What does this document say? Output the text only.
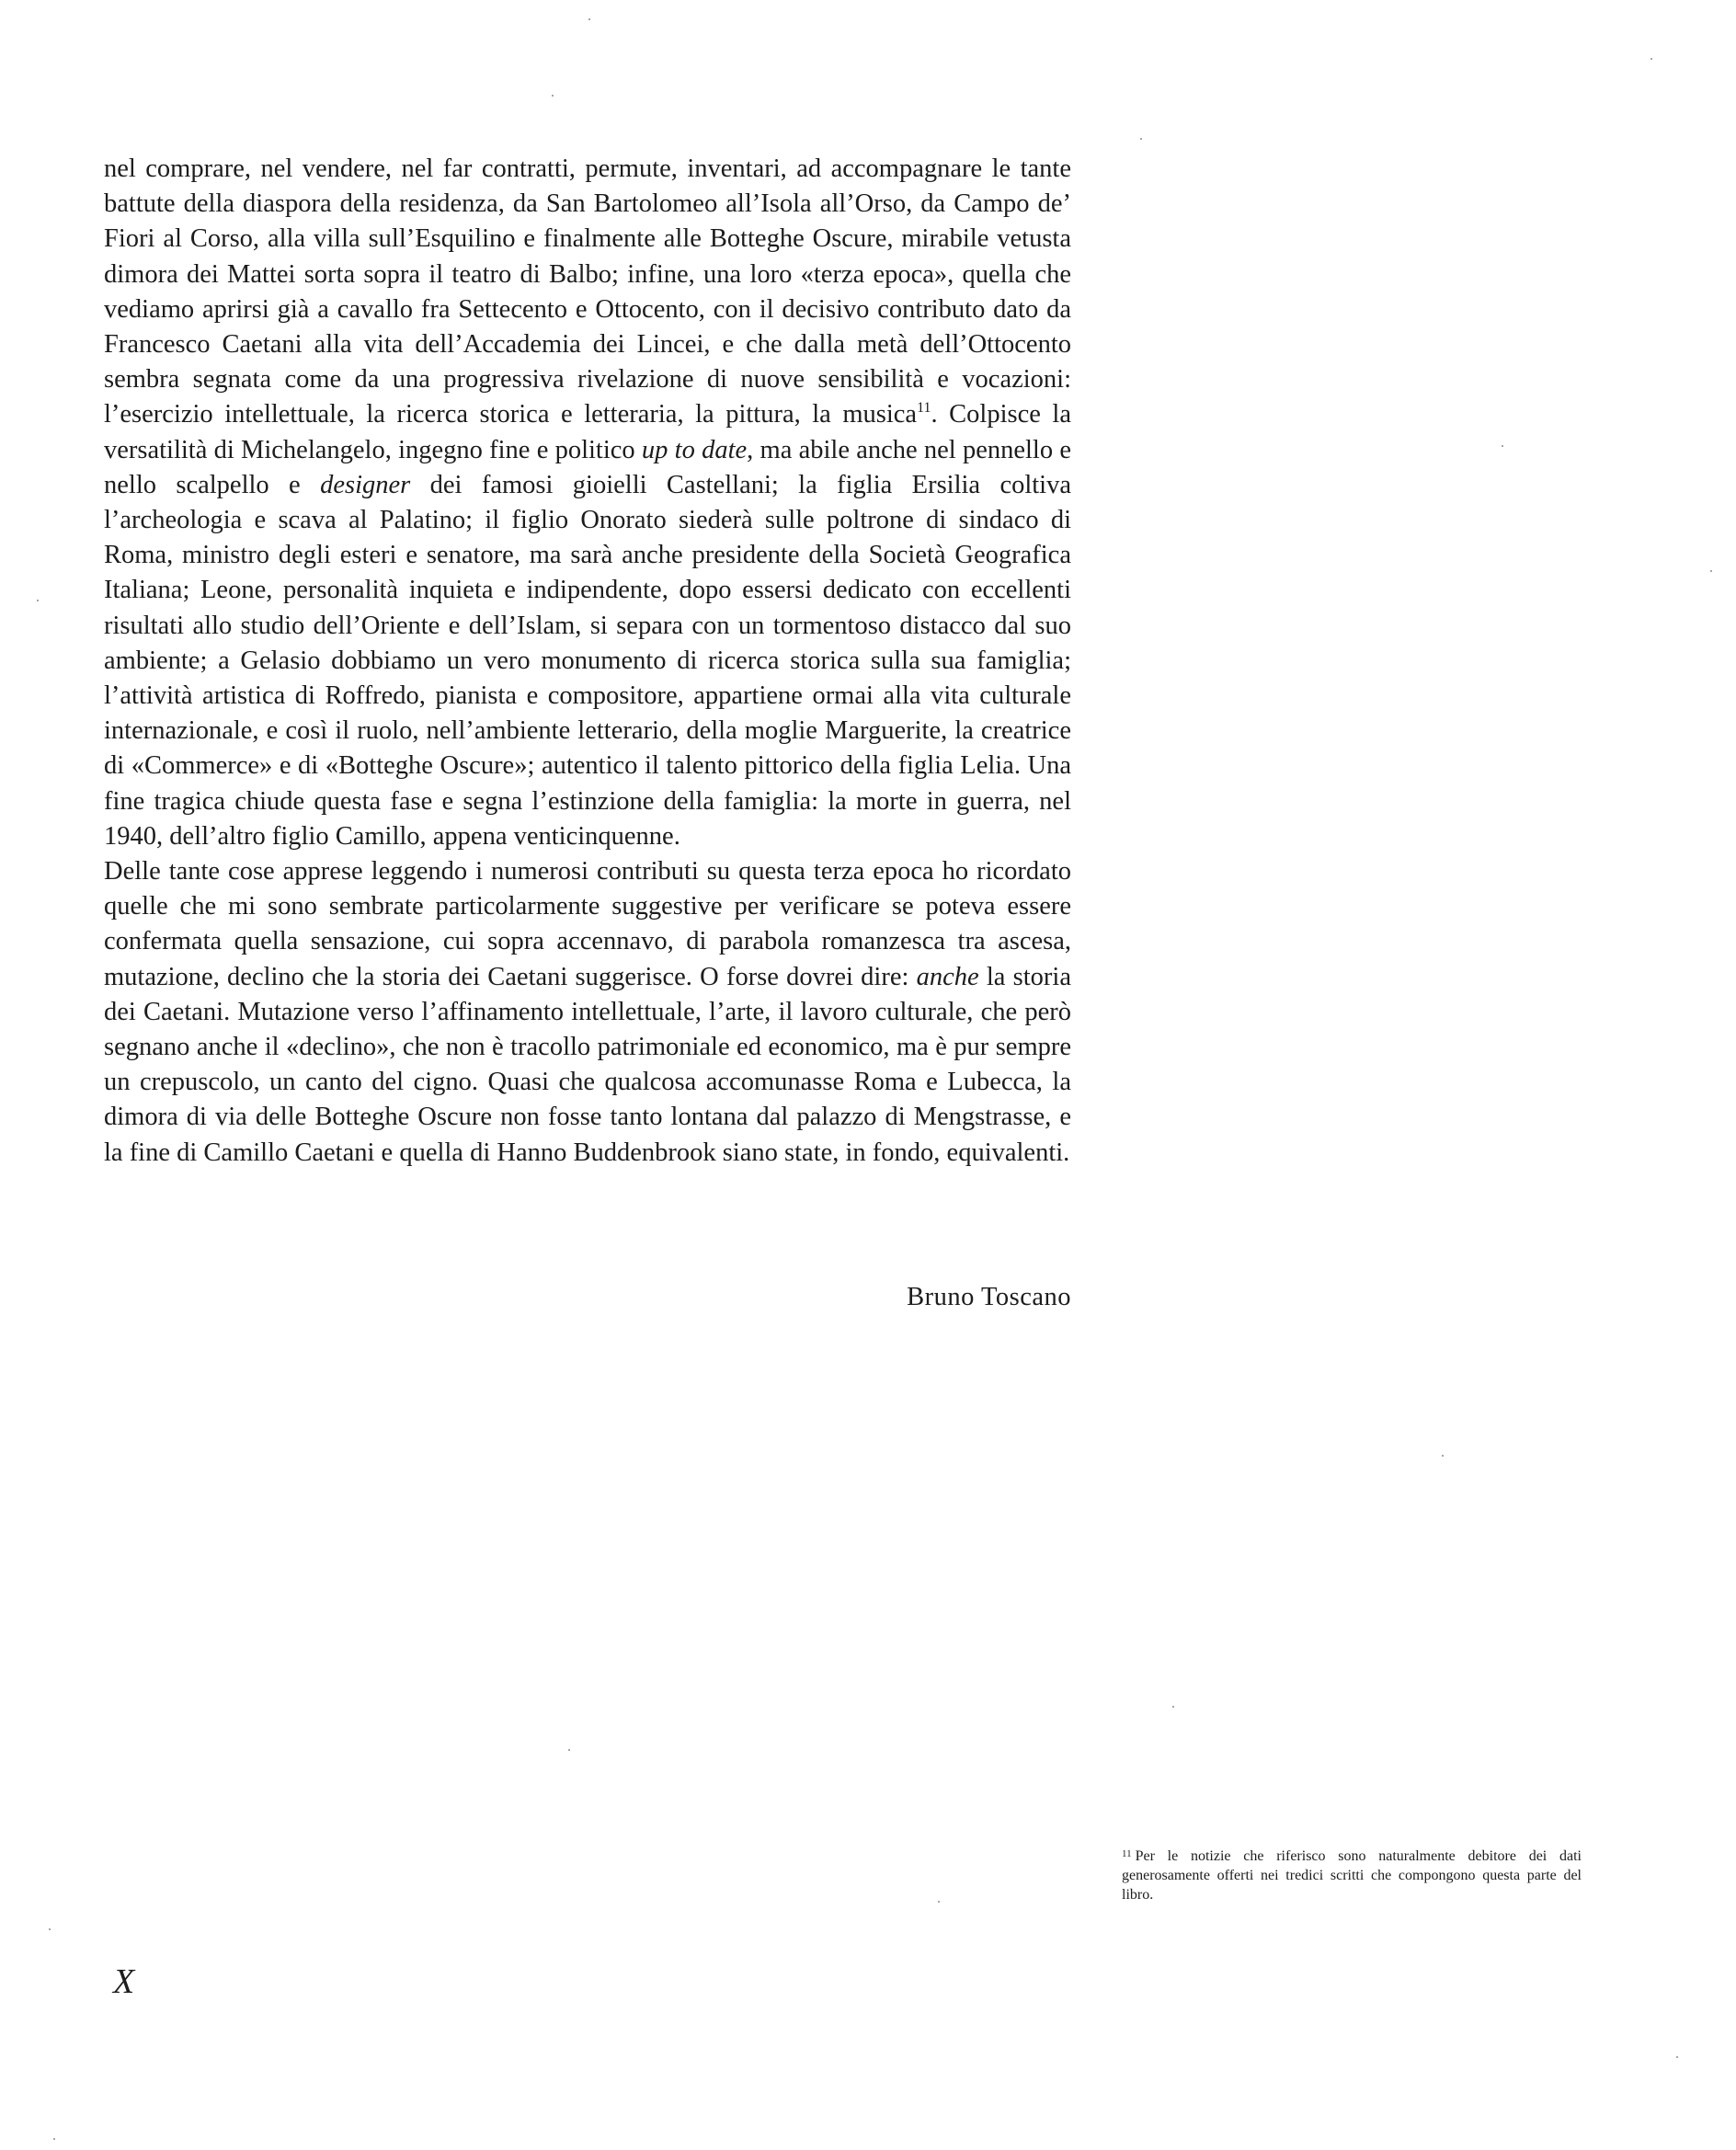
nel comprare, nel vendere, nel far contratti, permute, inventari, ad accompagnare le tante battute della diaspora della residenza, da San Bartolomeo all’Isola all’Orso, da Campo de’ Fiori al Corso, alla villa sull’Esquilino e finalmente alle Botteghe Oscure, mirabile vetusta dimora dei Mattei sorta sopra il teatro di Balbo; infine, una loro «terza epoca», quella che vediamo aprirsi già a cavallo fra Settecento e Ottocento, con il decisivo contributo dato da Francesco Caetani alla vita dell’Accademia dei Lincei, e che dalla metà dell’Ottocento sembra segnata come da una progressiva rivelazione di nuove sensibilità e vocazioni: l’esercizio intellettuale, la ricerca storica e letteraria, la pittura, la musica$^{11}$. Colpisce la versatilità di Michelangelo, ingegno fine e politico up to date, ma abile anche nel pennello e nello scalpello e designer dei famosi gioielli Castellani; la figlia Ersilia coltiva l’archeologia e scava al Palatino; il figlio Onorato siederà sulle poltrone di sindaco di Roma, ministro degli esteri e senatore, ma sarà anche presidente della Società Geografica Italiana; Leone, personalità inquieta e indipendente, dopo essersi dedicato con eccellenti risultati allo studio dell’Oriente e dell’Islam, si separa con un tormentoso distacco dal suo ambiente; a Gelasio dobbiamo un vero monumento di ricerca storica sulla sua famiglia; l’attività artistica di Roffredo, pianista e compositore, appartiene ormai alla vita culturale internazionale, e così il ruolo, nell’ambiente letterario, della moglie Marguerite, la creatrice di «Commerce» e di «Botteghe Oscure»; autentico il talento pittorico della figlia Lelia. Una fine tragica chiude questa fase e segna l’estinzione della famiglia: la morte in guerra, nel 1940, dell’altro figlio Camillo, appena venticinquenne.

Delle tante cose apprese leggendo i numerosi contributi su questa terza epoca ho ricordato quelle che mi sono sembrate particolarmente suggestive per verificare se poteva essere confermata quella sensazione, cui sopra accennavo, di parabola romanzesca tra ascesa, mutazione, declino che la storia dei Caetani suggerisce. O forse dovrei dire: anche la storia dei Caetani. Mutazione verso l’affinamento intellettuale, l’arte, il lavoro culturale, che però segnano anche il «declino», che non è tracollo patrimoniale ed economico, ma è pur sempre un crepuscolo, un canto del cigno. Quasi che qualcosa accomunasse Roma e Lubecca, la dimora di via delle Botteghe Oscure non fosse tanto lontana dal palazzo di Mengstrasse, e la fine di Camillo Caetani e quella di Hanno Buddenbrook siano state, in fondo, equivalenti.

Bruno Toscano
$^{11}$ Per le notizie che riferisco sono naturalmente debitore dei dati generosamente offerti nei tredici scritti che compongono questa parte del libro.
X
